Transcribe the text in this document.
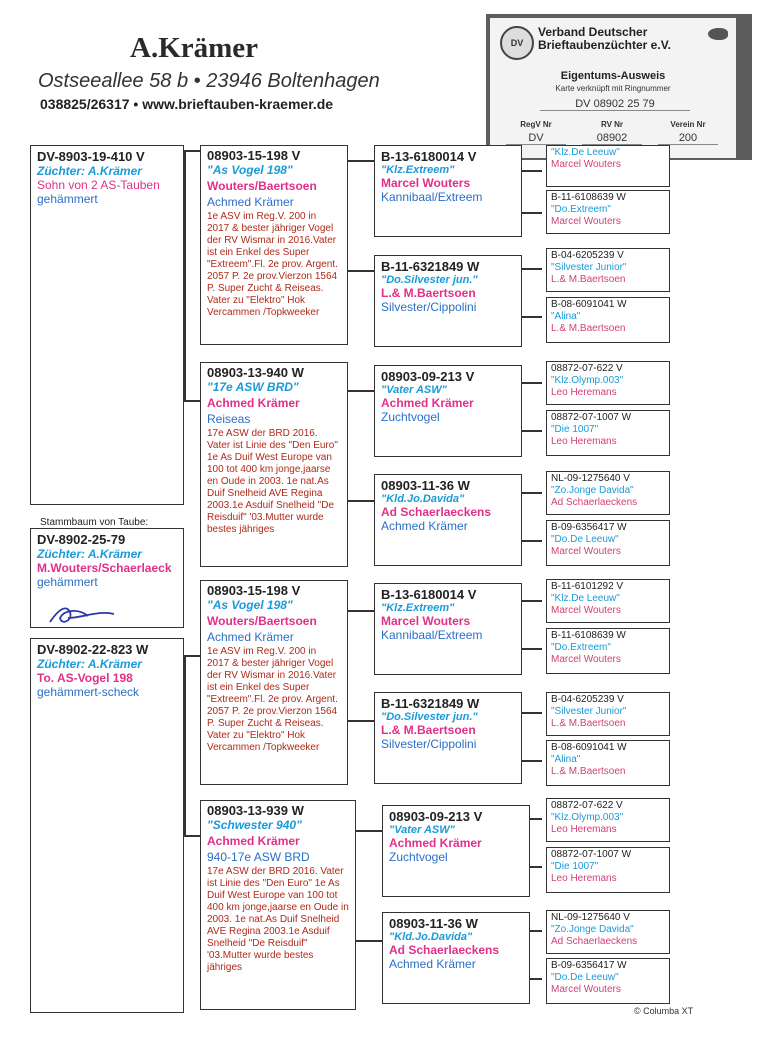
A.Krämer
Ostseeallee 58 b • 23946 Boltenhagen
038825/26317 • www.brieftauben-kraemer.de
DV
Verband Deutscher
Brieftaubenzüchter e.V.
Eigentums-Ausweis
Karte verknüpft mit Ringnummer
DV 08902 25 79
RegV Nr	RV Nr	Verein Nr
DV	08902	200
DV-8903-19-410 V
Züchter: A.Krämer
Sohn von 2 AS-Tauben
gehämmert
Stammbaum von Taube:
DV-8902-25-79
Züchter: A.Krämer
M.Wouters/Schaerlaeck
gehämmert
DV-8902-22-823 W
Züchter: A.Krämer
To. AS-Vogel 198
gehämmert-scheck
08903-15-198 V
"As Vogel 198"
Wouters/Baertsoen
Achmed Krämer
1e ASV im Reg.V. 200 in 2017 & bester jähriger Vogel der RV Wismar in 2016.Vater ist ein Enkel des Super "Extreem".Fl. 2e prov. Argent. 2057 P. 2e prov.Vierzon 1564 P. Super Zucht & Reiseas. Vater zu "Elektro" Hok Vercammen /Topkweeker
08903-13-940 W
"17e ASW BRD"
Achmed Krämer
Reiseas
17e ASW der BRD 2016. Vater ist Linie des "Den Euro" 1e As Duif West Europe van 100 tot 400 km jonge,jaarse en Oude in 2003. 1e nat.As Duif Snelheid AVE Regina 2003.1e Asduif Snelheid "De Reisduif" '03.Mutter wurde bestes jähriges
08903-15-198 V
"As Vogel 198"
Wouters/Baertsoen
Achmed Krämer
1e ASV im Reg.V. 200 in 2017 & bester jähriger Vogel der RV Wismar in 2016.Vater ist ein Enkel des Super "Extreem".Fl. 2e prov. Argent. 2057 P. 2e prov.Vierzon 1564 P. Super Zucht & Reiseas. Vater zu "Elektro" Hok Vercammen /Topkweeker
08903-13-939 W
"Schwester 940"
Achmed Krämer
940-17e ASW BRD
17e ASW der BRD 2016. Vater ist Linie des "Den Euro" 1e As Duif West Europe van 100 tot 400 km jonge,jaarse en Oude in 2003. 1e nat.As Duif Snelheid AVE Regina 2003.1e Asduif Snelheid "De Reisduif" '03.Mutter wurde bestes jähriges
B-13-6180014 V
"Klz.Extreem"
Marcel Wouters
Kannibaal/Extreem
B-11-6321849 W
"Do.Silvester jun."
L.& M.Baertsoen
Silvester/Cippolini
08903-09-213 V
"Vater ASW"
Achmed Krämer
Zuchtvogel
08903-11-36 W
"Kld.Jo.Davida"
Ad Schaerlaeckens
Achmed Krämer
B-13-6180014 V
"Klz.Extreem"
Marcel Wouters
Kannibaal/Extreem
B-11-6321849 W
"Do.Silvester jun."
L.& M.Baertsoen
Silvester/Cippolini
08903-09-213 V
"Vater ASW"
Achmed Krämer
Zuchtvogel
08903-11-36 W
"Kld.Jo.Davida"
Ad Schaerlaeckens
Achmed Krämer
"Klz.De Leeuw"
Marcel Wouters
B-11-6108639 W
"Do.Extreem"
Marcel Wouters
B-04-6205239 V
"Silvester Junior"
L.& M.Baertsoen
B-08-6091041 W
"Alina"
L.& M.Baertsoen
08872-07-622 V
"Klz.Olymp.003"
Leo Heremans
08872-07-1007 W
"Die 1007"
Leo Heremans
NL-09-1275640 V
"Zo.Jonge Davida"
Ad Schaerlaeckens
B-09-6356417 W
"Do.De Leeuw"
Marcel Wouters
B-11-6101292 V
"Klz.De Leeuw"
Marcel Wouters
B-11-6108639 W
"Do.Extreem"
Marcel Wouters
B-04-6205239 V
"Silvester Junior"
L.& M.Baertsoen
B-08-6091041 W
"Alina"
L.& M.Baertsoen
08872-07-622 V
"Klz.Olymp.003"
Leo Heremans
08872-07-1007 W
"Die 1007"
Leo Heremans
NL-09-1275640 V
"Zo.Jonge Davida"
Ad Schaerlaeckens
B-09-6356417 W
"Do.De Leeuw"
Marcel Wouters
© Columba XT
